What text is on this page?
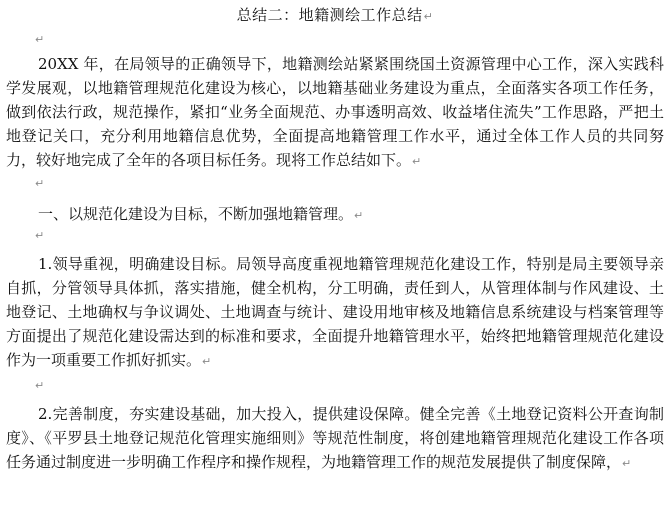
总结二：地籍测绘工作总结↵
↵

20XX 年，在局领导的正确领导下，地籍测绘站紧紧围绕国土资源管理中心工作，深入实践科学发展观，以地籍管理规范化建设为核心，以地籍基础业务建设为重点，全面落实各项工作任务，做到依法行政，规范操作，紧扣“业务全面规范、办事透明高效、收益堵住流失”工作思路，严把土地登记关口，充分利用地籍信息优势，全面提高地籍管理工作水平，通过全体工作人员的共同努力，较好地完成了全年的各项目标任务。现将工作总结如下。↵

↵

一、以规范化建设为目标，不断加强地籍管理。↵

↵

1.领导重视，明确建设目标。局领导高度重视地籍管理规范化建设工作，特别是局主要领导亲自抓，分管领导具体抓，落实措施，健全机构，分工明确，责任到人，从管理体制与作风建设、土地登记、土地确权与争议调处、土地调查与统计、建设用地审核及地籍信息系统建设与档案管理等方面提出了规范化建设需达到的标准和要求，全面提升地籍管理水平，始终把地籍管理规范化建设作为一项重要工作抓好抓实。↵

↵

2.完善制度，夯实建设基础，加大投入，提供建设保障。健全完善《土地登记资料公开查询制度》、《平罗县土地登记规范化管理实施细则》等规范性制度，将创建地籍管理规范化建设工作各项任务通过制度进一步明确工作程序和操作规程，为地籍管理工作的规范发展提供了制度保障，↵
